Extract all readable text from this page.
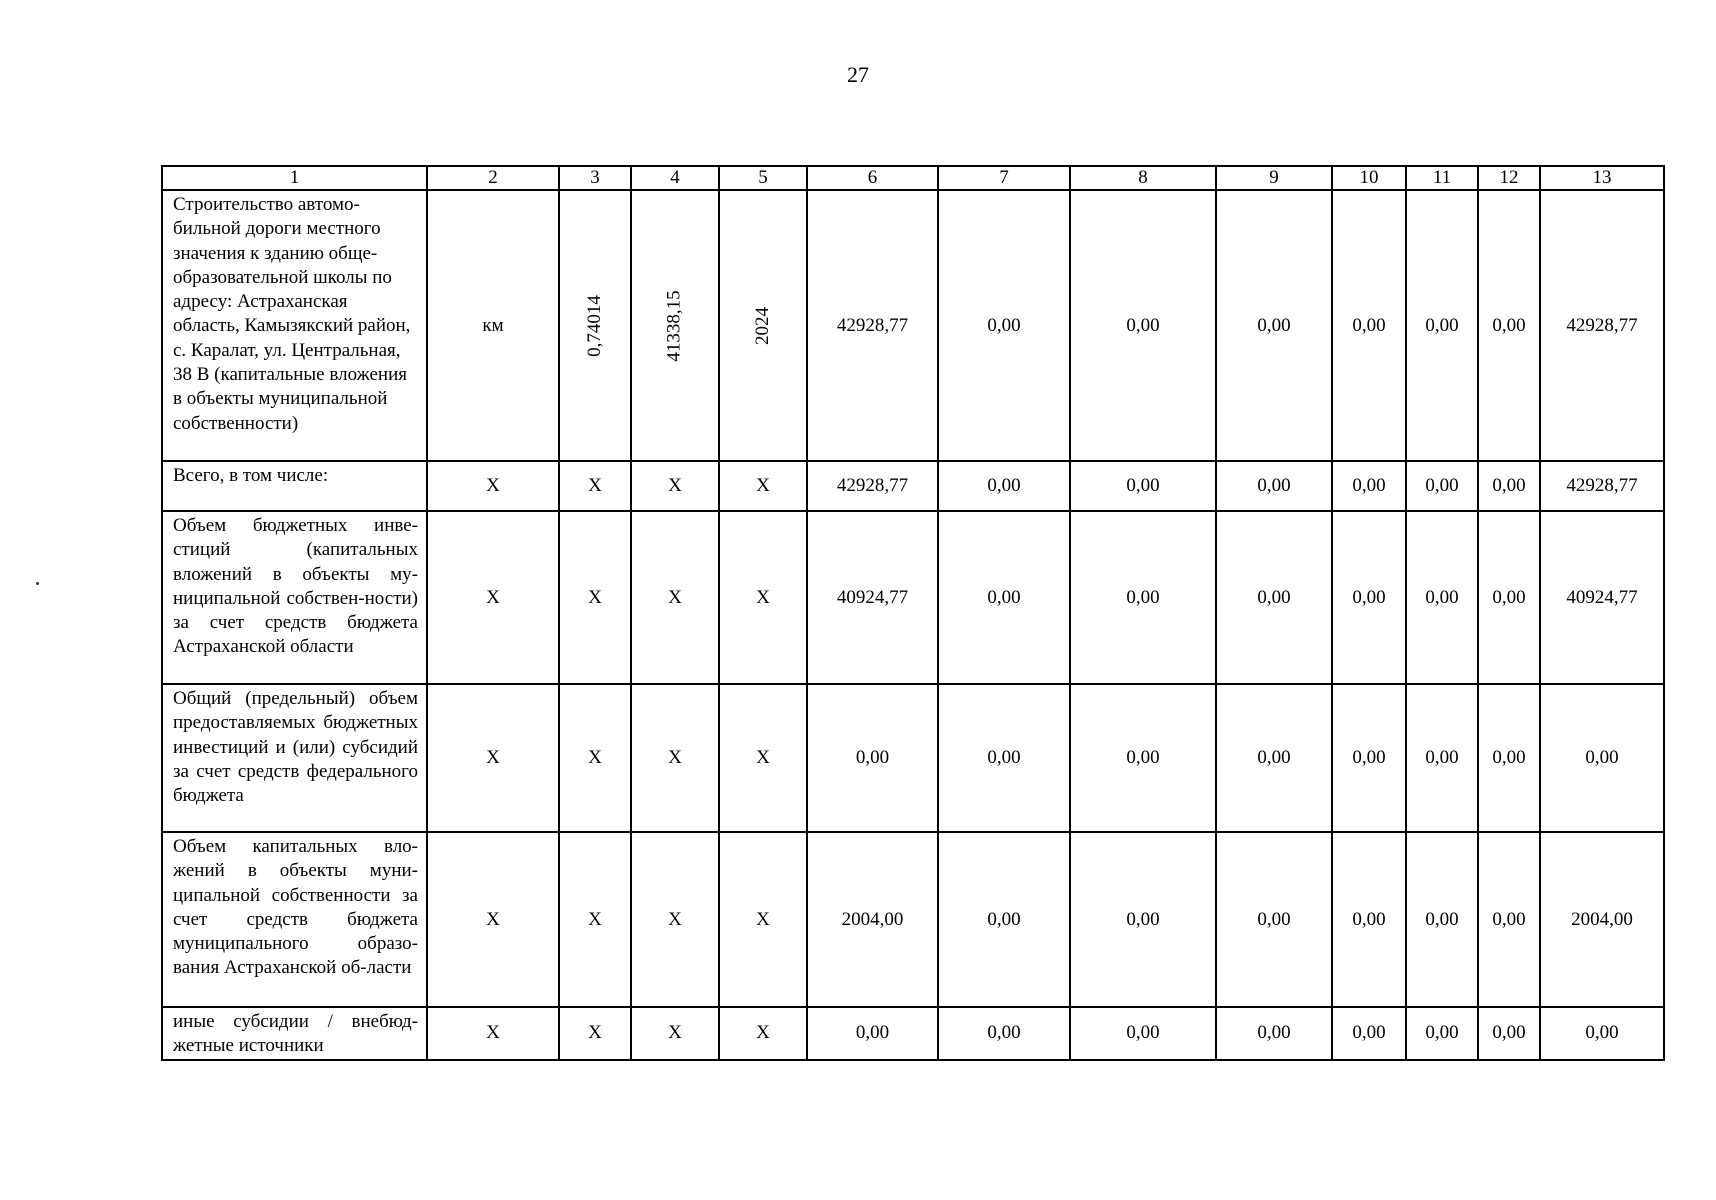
27
1	2	3	4	5	6	7	8	9	10	11	12	13
Строительство автомо-бильной дороги местного значения к зданию обще-образовательной школы по адресу: Астраханская область, Камызякский район, с. Каралат, ул. Центральная, 38 В (капитальные вложения в объекты муниципальной собственности)	км	0,74014	41338,15	2024	42928,77	0,00	0,00	0,00	0,00	0,00	0,00	42928,77
Всего, в том числе:	X	X	X	X	42928,77	0,00	0,00	0,00	0,00	0,00	0,00	42928,77
Объем бюджетных инве-стиций (капитальных вложений в объекты му-ниципальной собствен-ности) за счет средств бюджета Астраханской области	X	X	X	X	40924,77	0,00	0,00	0,00	0,00	0,00	0,00	40924,77
Общий (предельный) объем предоставляемых бюджетных инвестиций и (или) субсидий за счет средств федерального бюджета	X	X	X	X	0,00	0,00	0,00	0,00	0,00	0,00	0,00	0,00
Объем капитальных вло-жений в объекты муни-ципальной собственности за счет средств бюджета муниципального образо-вания Астраханской об-ласти	X	X	X	X	2004,00	0,00	0,00	0,00	0,00	0,00	0,00	2004,00
иные субсидии / внебюд-жетные источники	X	X	X	X	0,00	0,00	0,00	0,00	0,00	0,00	0,00	0,00
